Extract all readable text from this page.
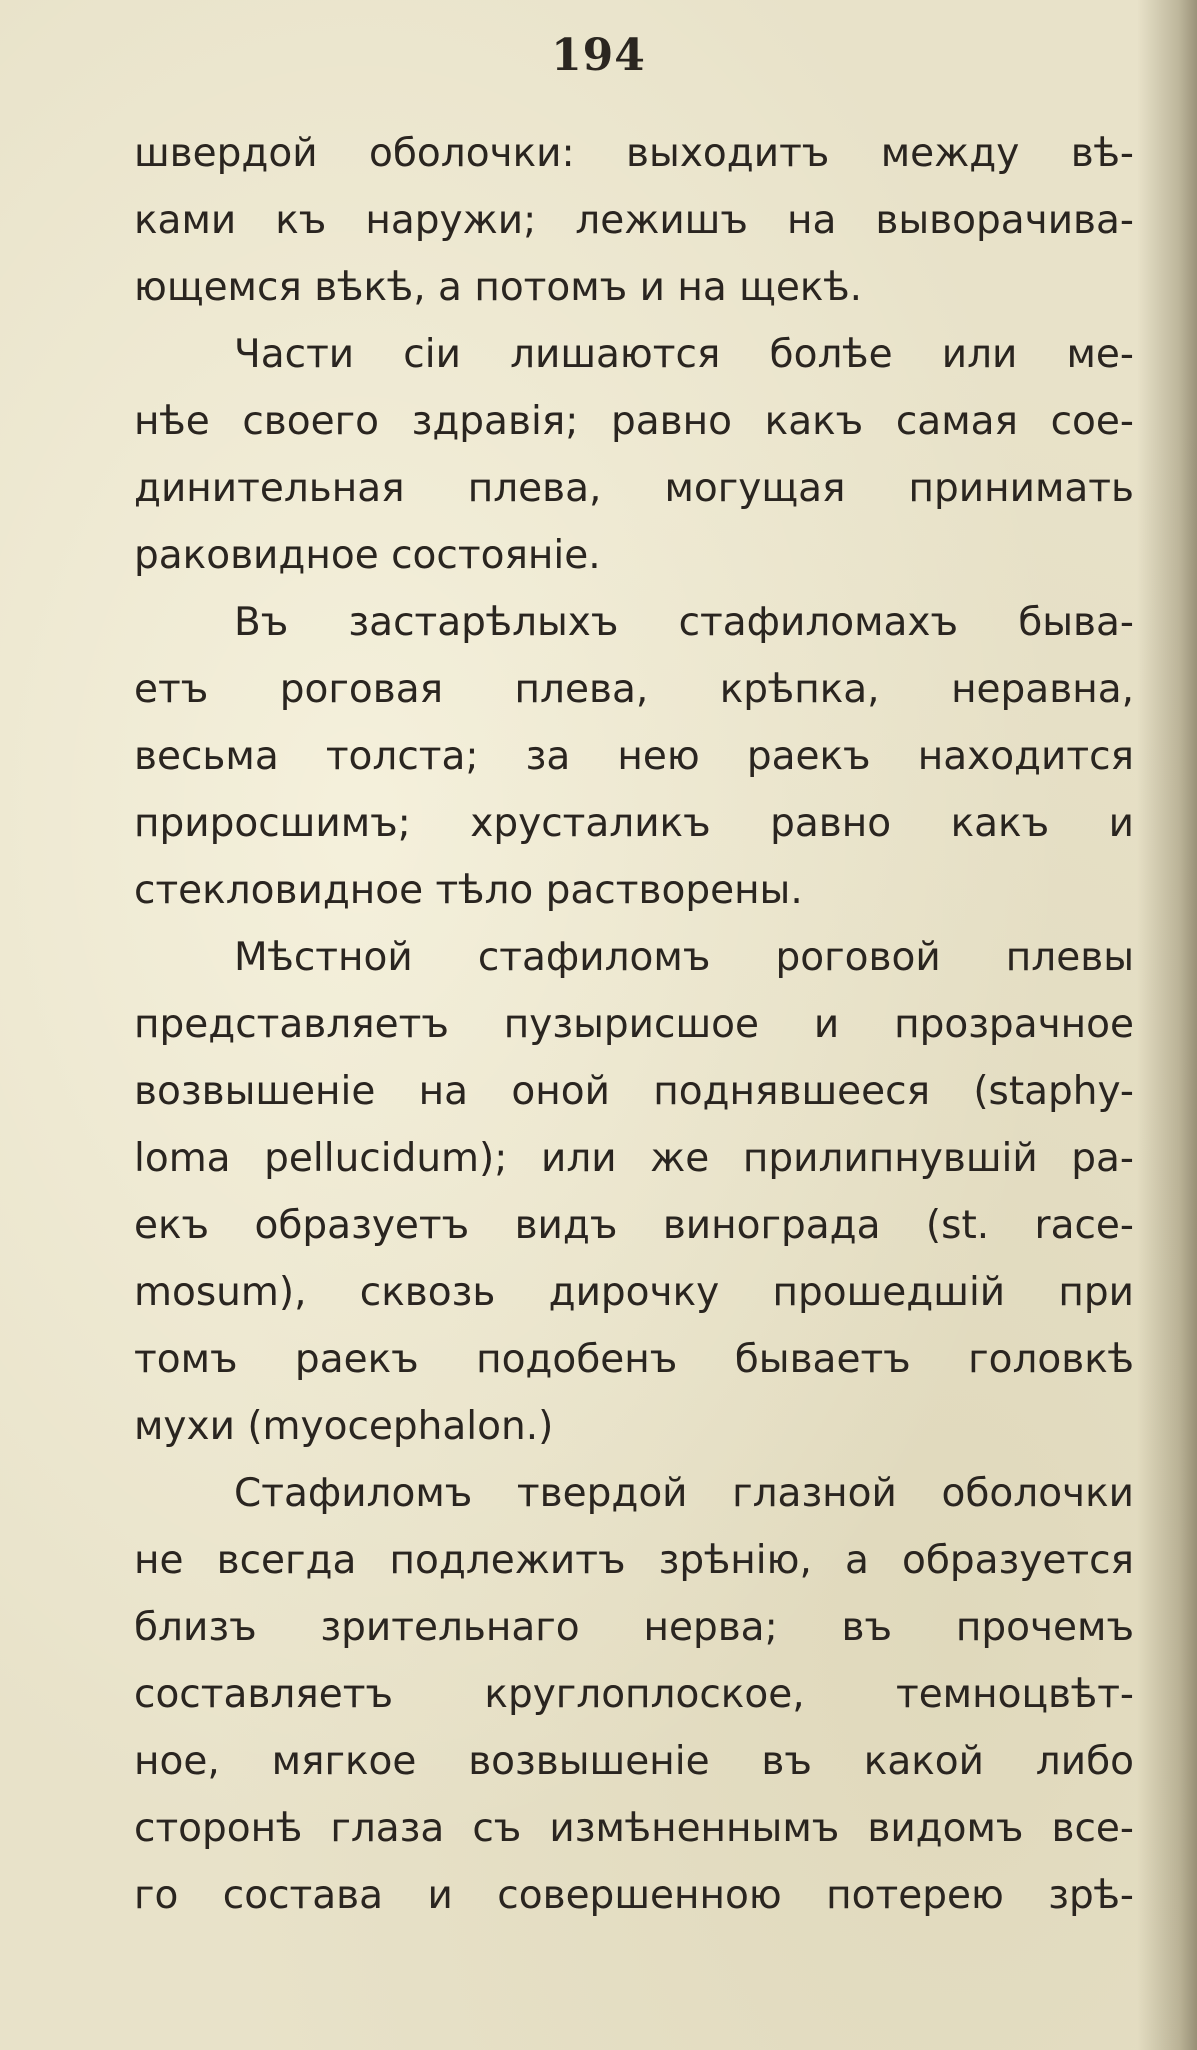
194
швердой оболочки: выходитъ между вѣ-
ками къ наружи; лежишъ на выворачива-
ющемся вѣкѣ, а потомъ и на щекѣ.
Части сіи лишаются болѣе или ме-
нѣе своего здравія; равно какъ самая сое-
динительная плева, могущая принимать
раковидное состояніе.
Въ застарѣлыхъ стафиломахъ быва-
етъ роговая плева, крѣпка, неравна,
весьма толста; за нею раекъ находится
приросшимъ; хрусталикъ равно какъ и
стекловидное тѣло растворены.
Мѣстной стафиломъ роговой плевы
представляетъ пузырисшое и прозрачное
возвышеніе на оной поднявшееся (staphy-
loma pellucidum); или же прилипнувшій ра-
екъ образуетъ видъ винограда (st. race-
mosum), сквозь дирочку прошедшій при
томъ раекъ подобенъ бываетъ головкѣ
мухи (myocephalon.)
Стафиломъ твердой глазной оболочки
не всегда подлежитъ зрѣнію, а образуется
близъ зрительнаго нерва; въ прочемъ
составляетъ круглоплоское, темноцвѣт-
ное, мягкое возвышеніе въ какой либо
сторонѣ глаза съ измѣненнымъ видомъ все-
го состава и совершенною потерею зрѣ-
